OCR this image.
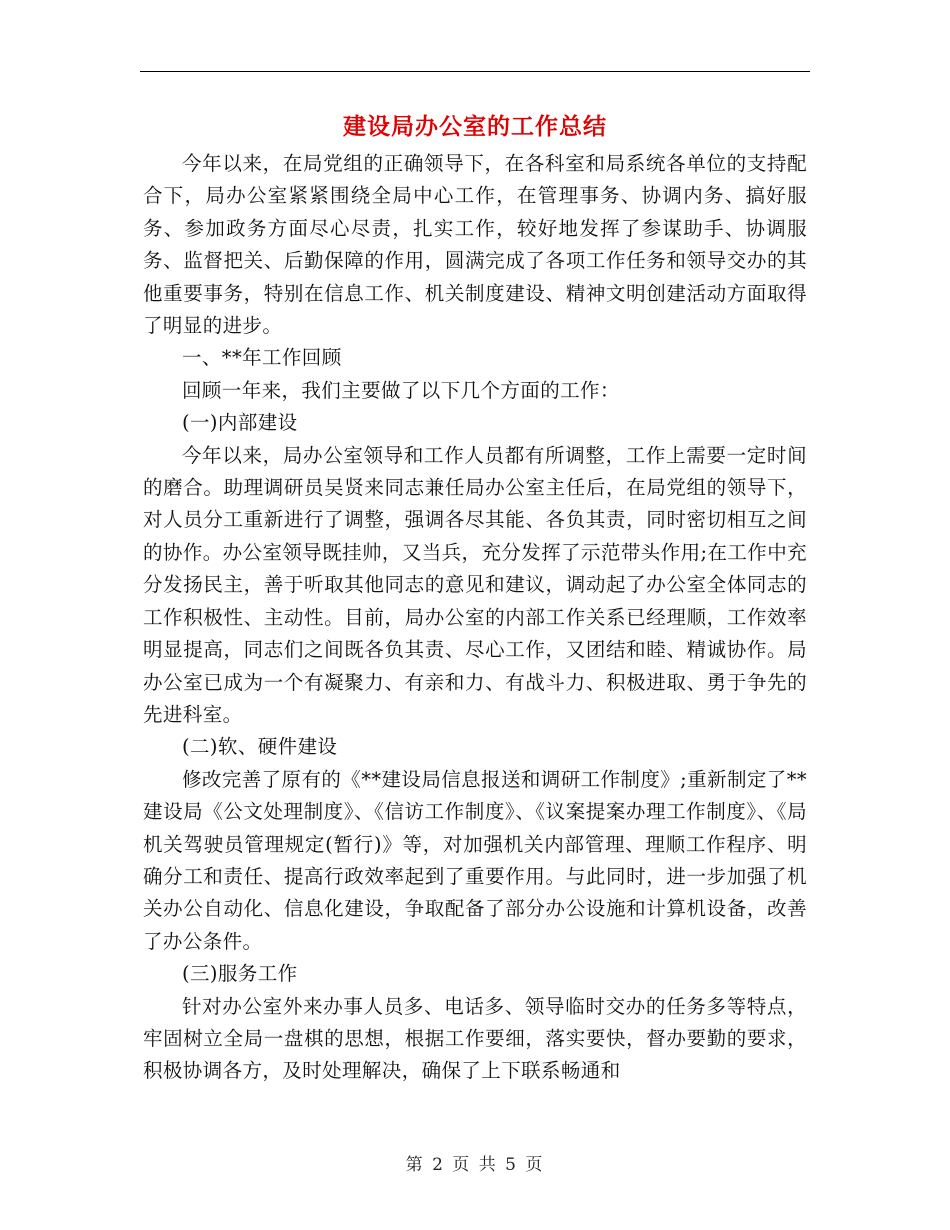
建设局办公室的工作总结

今年以来，在局党组的正确领导下，在各科室和局系统各单位的支持配合下，局办公室紧紧围绕全局中心工作，在管理事务、协调内务、搞好服务、参加政务方面尽心尽责，扎实工作，较好地发挥了参谋助手、协调服务、监督把关、后勤保障的作用，圆满完成了各项工作任务和领导交办的其他重要事务，特别在信息工作、机关制度建设、精神文明创建活动方面取得了明显的进步。

一、**年工作回顾

回顾一年来，我们主要做了以下几个方面的工作：

(一)内部建设

今年以来，局办公室领导和工作人员都有所调整，工作上需要一定时间的磨合。助理调研员吴贤来同志兼任局办公室主任后，在局党组的领导下，对人员分工重新进行了调整，强调各尽其能、各负其责，同时密切相互之间的协作。办公室领导既挂帅，又当兵，充分发挥了示范带头作用;在工作中充分发扬民主，善于听取其他同志的意见和建议，调动起了办公室全体同志的工作积极性、主动性。目前，局办公室的内部工作关系已经理顺，工作效率明显提高，同志们之间既各负其责、尽心工作，又团结和睦、精诚协作。局办公室已成为一个有凝聚力、有亲和力、有战斗力、积极进取、勇于争先的先进科室。

(二)软、硬件建设

修改完善了原有的《**建设局信息报送和调研工作制度》;重新制定了**建设局《公文处理制度》、《信访工作制度》、《议案提案办理工作制度》、《局机关驾驶员管理规定(暂行)》等，对加强机关内部管理、理顺工作程序、明确分工和责任、提高行政效率起到了重要作用。与此同时，进一步加强了机关办公自动化、信息化建设，争取配备了部分办公设施和计算机设备，改善了办公条件。

(三)服务工作

针对办公室外来办事人员多、电话多、领导临时交办的任务多等特点，牢固树立全局一盘棋的思想，根据工作要细，落实要快，督办要勤的要求，积极协调各方，及时处理解决，确保了上下联系畅通和

第 2 页 共 5 页
